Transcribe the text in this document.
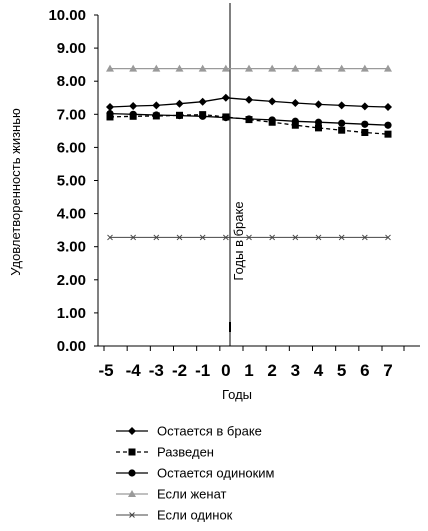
0.00
1.00
2.00
3.00
4.00
5.00
6.00
7.00
8.00
9.00
10.00
-5 -4 -3 -2 -1 0 1 2 3 4 5 6 7
Удовлетворенность жизнью
Годы
Годы в браке
Остается в браке
Разведен
Остается одиноким
Если женат
Если одинок
